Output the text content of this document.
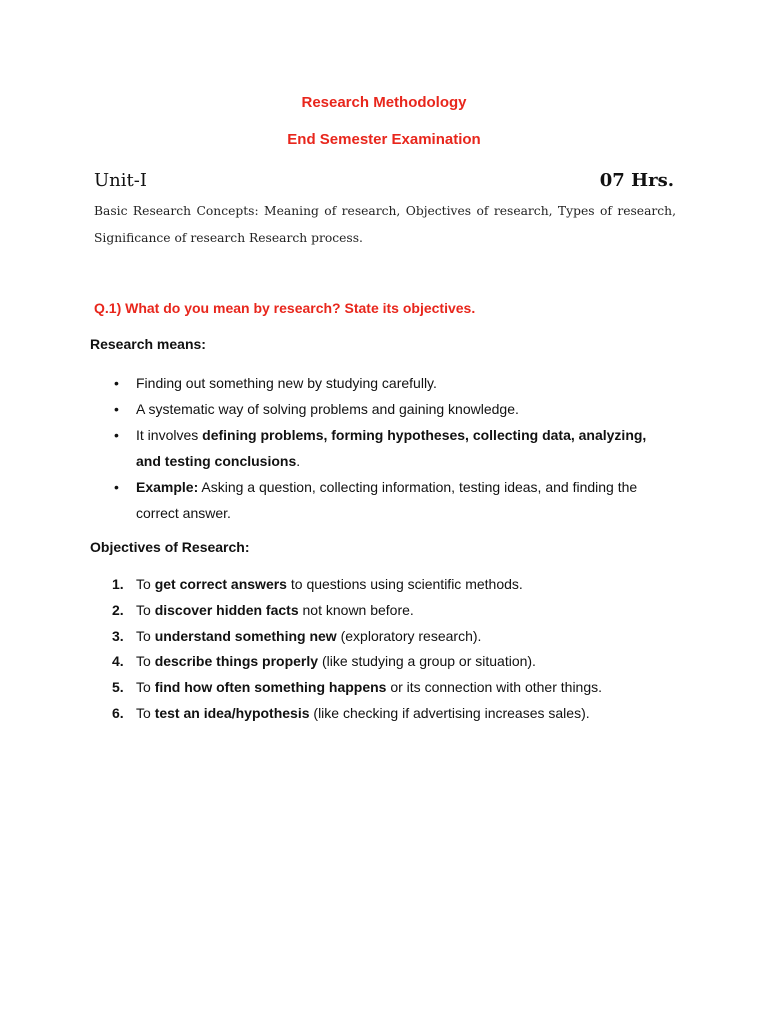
Research Methodology
End Semester Examination
Unit-I	07 Hrs.
Basic Research Concepts: Meaning of research, Objectives of research, Types of research, Significance of research Research process.
Q.1) What do you mean by research? State its objectives.
Research means:
• Finding out something new by studying carefully.
• A systematic way of solving problems and gaining knowledge.
• It involves defining problems, forming hypotheses, collecting data, analyzing, and testing conclusions.
• Example: Asking a question, collecting information, testing ideas, and finding the correct answer.
Objectives of Research:
1. To get correct answers to questions using scientific methods.
2. To discover hidden facts not known before.
3. To understand something new (exploratory research).
4. To describe things properly (like studying a group or situation).
5. To find how often something happens or its connection with other things.
6. To test an idea/hypothesis (like checking if advertising increases sales).
